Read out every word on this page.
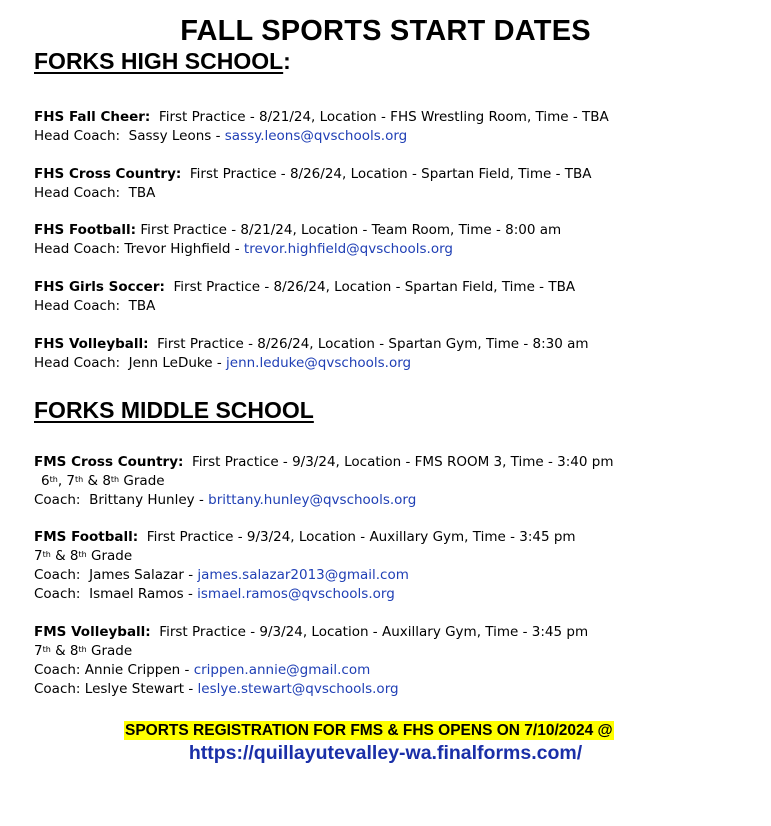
FALL SPORTS START DATES
FORKS HIGH SCHOOL:
FHS Fall Cheer: First Practice - 8/21/24, Location - FHS Wrestling Room, Time - TBA
Head Coach: Sassy Leons - sassy.leons@qvschools.org
FHS Cross Country: First Practice - 8/26/24, Location - Spartan Field, Time - TBA
Head Coach: TBA
FHS Football: First Practice - 8/21/24, Location - Team Room, Time - 8:00 am
Head Coach: Trevor Highfield - trevor.highfield@qvschools.org
FHS Girls Soccer: First Practice - 8/26/24, Location - Spartan Field, Time - TBA
Head Coach: TBA
FHS Volleyball: First Practice - 8/26/24, Location - Spartan Gym, Time - 8:30 am
Head Coach: Jenn LeDuke - jenn.leduke@qvschools.org
FORKS MIDDLE SCHOOL
FMS Cross Country: First Practice - 9/3/24, Location - FMS ROOM 3, Time - 3:40 pm
6th, 7th & 8th Grade
Coach: Brittany Hunley - brittany.hunley@qvschools.org
FMS Football: First Practice - 9/3/24, Location - Auxillary Gym, Time - 3:45 pm
7th & 8th Grade
Coach: James Salazar - james.salazar2013@gmail.com
Coach: Ismael Ramos - ismael.ramos@qvschools.org
FMS Volleyball: First Practice - 9/3/24, Location - Auxillary Gym, Time - 3:45 pm
7th & 8th Grade
Coach: Annie Crippen - crippen.annie@gmail.com
Coach: Leslye Stewart - leslye.stewart@qvschools.org
SPORTS REGISTRATION FOR FMS & FHS OPENS ON 7/10/2024 @
https://quillayutevalley-wa.finalforms.com/
